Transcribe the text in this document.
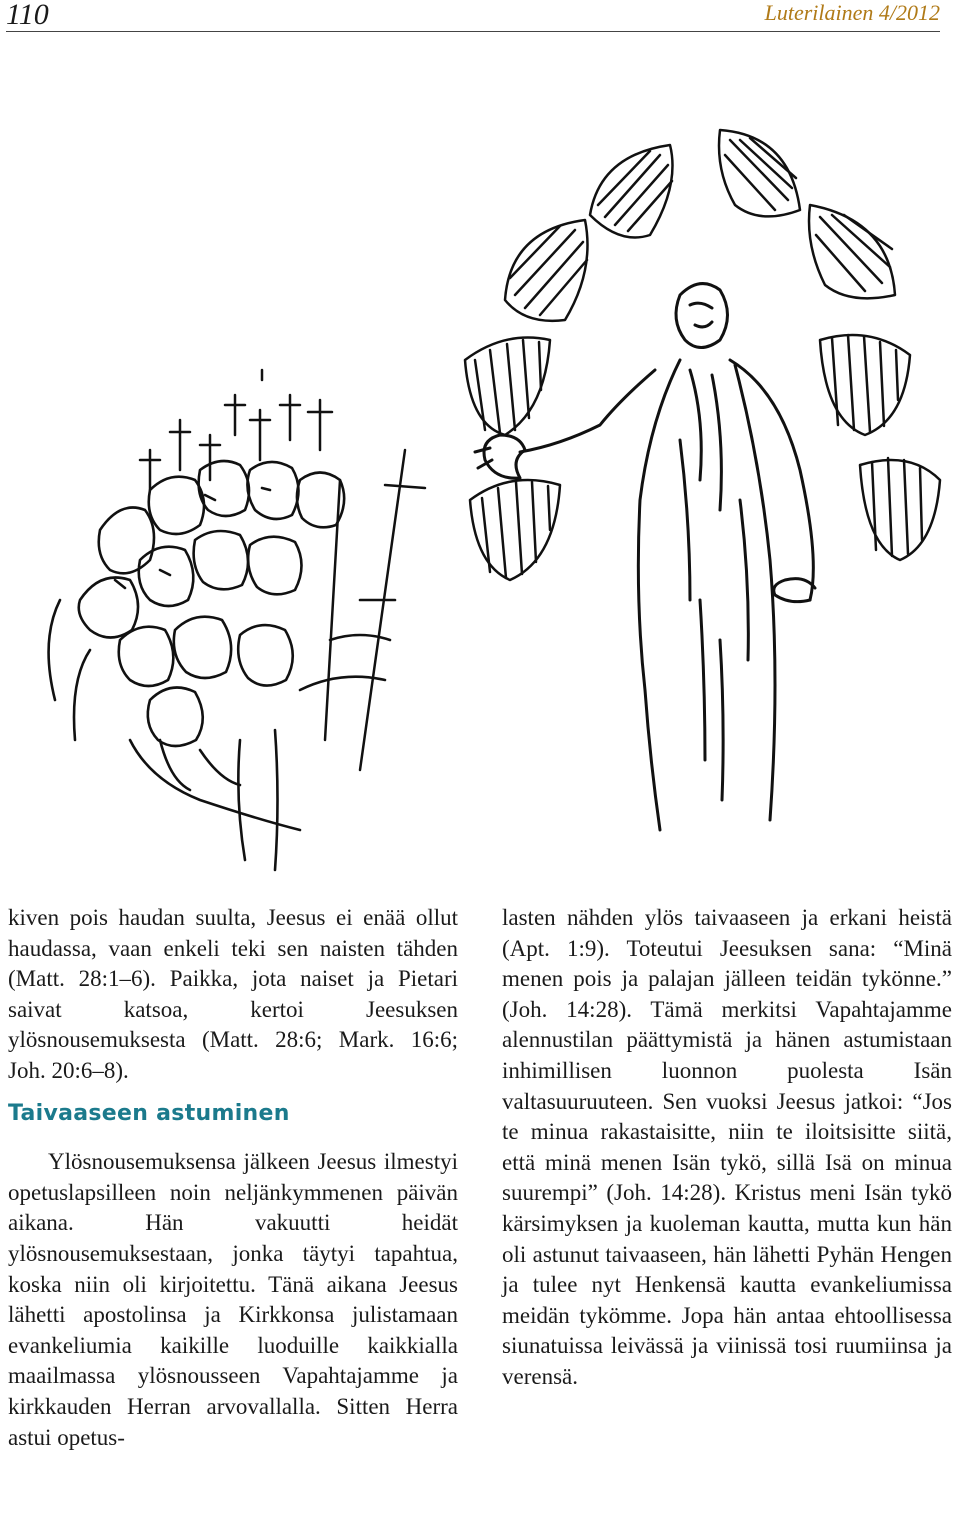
110	Luterilainen 4/2012

kiven pois haudan suulta, Jeesus ei enää ollut haudassa, vaan enkeli teki sen naisten tähden (Matt. 28:1–6). Paikka, jota naiset ja Pietari saivat katsoa, kertoi Jeesuksen ylösnousemuksesta (Matt. 28:6; Mark. 16:6; Joh. 20:6–8).

Taivaaseen astuminen

Ylösnousemuksensa jälkeen Jeesus ilmestyi opetuslapsilleen noin neljänkymmenen päivän aikana. Hän vakuutti heidät ylösnousemuksestaan, jonka täytyi tapahtua, koska niin oli kirjoitettu. Tänä aikana Jeesus lähetti apostolinsa ja Kirkkonsa julistamaan evankeliumia kaikille luoduille kaikkialla maailmassa ylösnousseen Vapahtajamme ja kirkkauden Herran arvovallalla. Sitten Herra astui opetus-

lasten nähden ylös taivaaseen ja erkani heistä (Apt. 1:9). Toteutui Jeesuksen sana: “Minä menen pois ja palajan jälleen teidän tykönne.” (Joh. 14:28). Tämä merkitsi Vapahtajamme alennustilan päättymistä ja hänen astumistaan inhimillisen luonnon puolesta Isän valtasuuruuteen. Sen vuoksi Jeesus jatkoi: “Jos te minua rakastaisitte, niin te iloitsisitte siitä, että minä menen Isän tykö, sillä Isä on minua suurempi” (Joh. 14:28). Kristus meni Isän tykö kärsimyksen ja kuoleman kautta, mutta kun hän oli astunut taivaaseen, hän lähetti Pyhän Hengen ja tulee nyt Henkensä kautta evankeliumissa meidän tykömme. Jopa hän antaa ehtoollisessa siunatuissa leivässä ja viinissä tosi ruumiinsa ja verensä.
